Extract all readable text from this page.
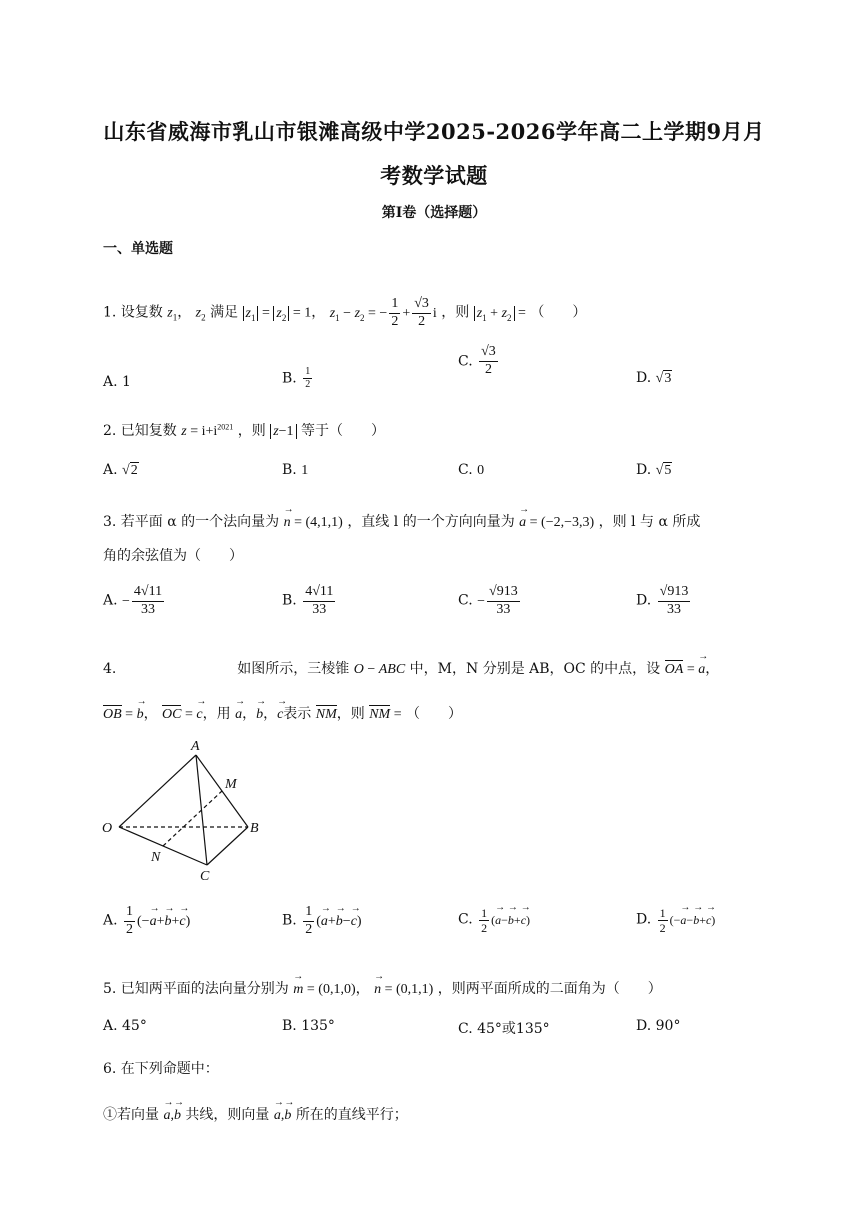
山东省威海市乳山市银滩高级中学2025-2026学年高二上学期9月月
考数学试题
第I卷（选择题）
一、单选题
1. 设复数 $z_1$， $z_2$ 满足 $z_1 = z_2 = 1$， $z_1 - z_2$ = − $\frac{1}{2} + \frac{√3}{2}$ i ，则 $z_1 + z_2$ = （　　）
A. 1	B. $\frac{1}{2}$
C. $\frac{√3}{2}$	D. √3
2. 已知复数 $z = i+i^{2021}$ ，则 z−1 等于（　　）
A. √2	B. 1	C. 0	D. √5
3. 若平面 α 的一个法向量为 → n = (4,1,1) ，直线 l 的一个方向向量为 → a = (−2,−3,3) ，则 l 与 α 所成
角的余弦值为（　　）
A. − $\frac{4√11}{33}$	B. $\frac{4√11}{33}$	C. − $\frac{√913}{33}$	D. $\frac{√913}{33}$
4.	如图所示，三棱锥 O − ABC 中，M，N 分别是 AB，OC 的中点，设 OA = → a，
OB = → b， OC = → c，用 → a，→ b，→ c表示 NM，则 NM = （　　）
A
M
O	B
N
C
A. $\frac{1}{2}$ (−→ a+→ b+→ c)	B. $\frac{1}{2}$ (→ a+→ b−→ c)	C. $\frac{1}{2}$ (→ a−→ b+→ c)	D. $\frac{1}{2}$ (−→ a−→ b+→ c)
5. 已知两平面的法向量分别为 → m = (0,1,0)， → n = (0,1,1) ，则两平面所成的二面角为（　　）
A. 45°	B. 135°	C. 45°或135°	D. 90°
6. 在下列命题中：
①若向量 → a,→ b 共线，则向量 → a,→ b 所在的直线平行；
